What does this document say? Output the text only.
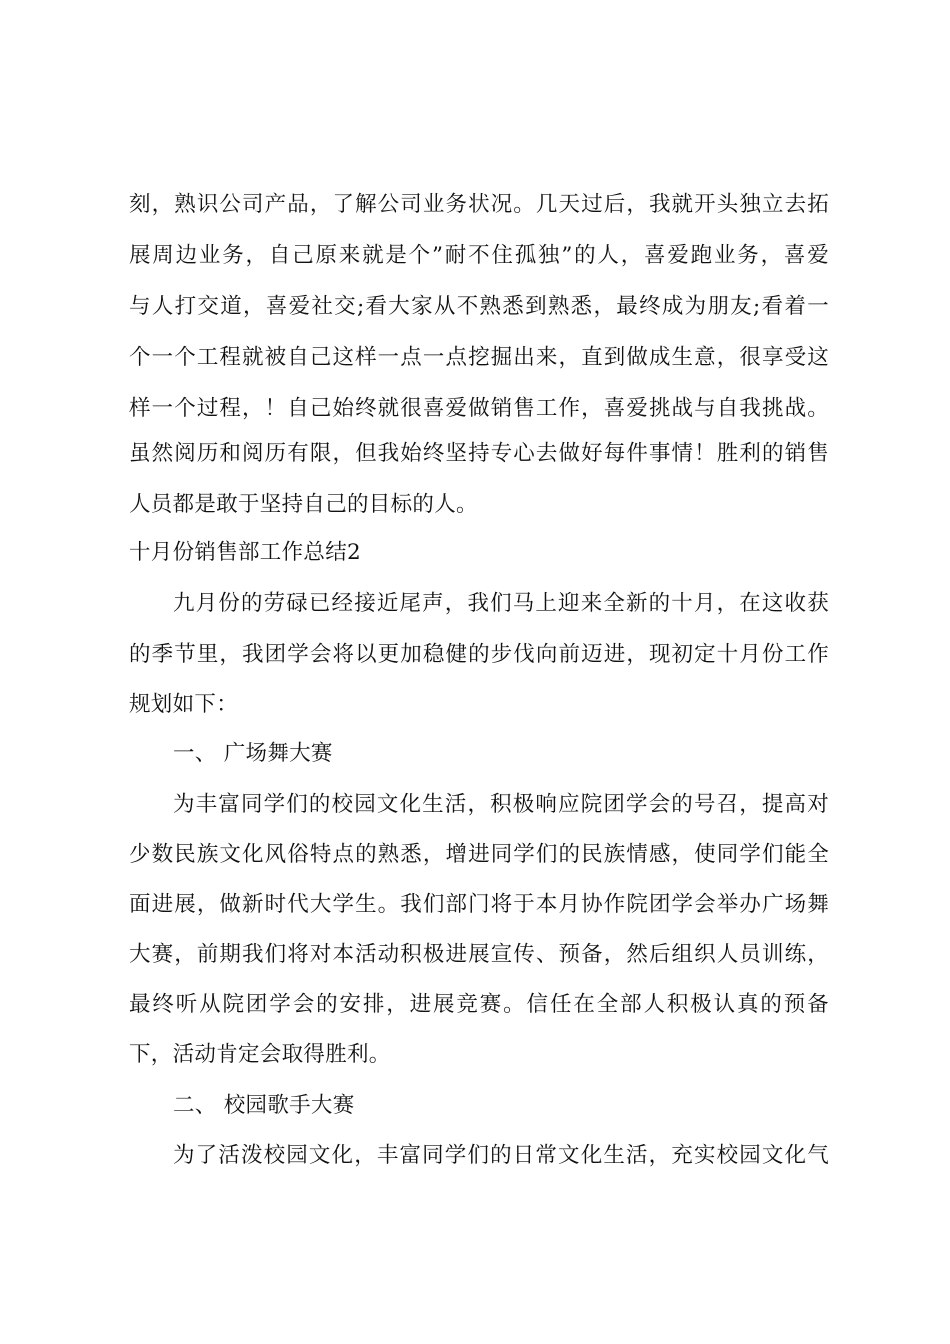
刻，熟识公司产品，了解公司业务状况。几天过后，我就开头独立去拓
展周边业务，自己原来就是个”耐不住孤独”的人，喜爱跑业务，喜爱
与人打交道，喜爱社交;看大家从不熟悉到熟悉，最终成为朋友;看着一
个一个工程就被自己这样一点一点挖掘出来，直到做成生意，很享受这
样一个过程，！自己始终就很喜爱做销售工作，喜爱挑战与自我挑战。
虽然阅历和阅历有限，但我始终坚持专心去做好每件事情！胜利的销售
人员都是敢于坚持自己的目标的人。
十月份销售部工作总结2
九月份的劳碌已经接近尾声，我们马上迎来全新的十月，在这收获
的季节里，我团学会将以更加稳健的步伐向前迈进，现初定十月份工作
规划如下：
一、 广场舞大赛
为丰富同学们的校园文化生活，积极响应院团学会的号召，提高对
少数民族文化风俗特点的熟悉，增进同学们的民族情感，使同学们能全
面进展，做新时代大学生。我们部门将于本月协作院团学会举办广场舞
大赛，前期我们将对本活动积极进展宣传、预备，然后组织人员训练，
最终听从院团学会的安排，进展竞赛。信任在全部人积极认真的预备
下，活动肯定会取得胜利。
二、 校园歌手大赛
为了活泼校园文化，丰富同学们的日常文化生活，充实校园文化气
